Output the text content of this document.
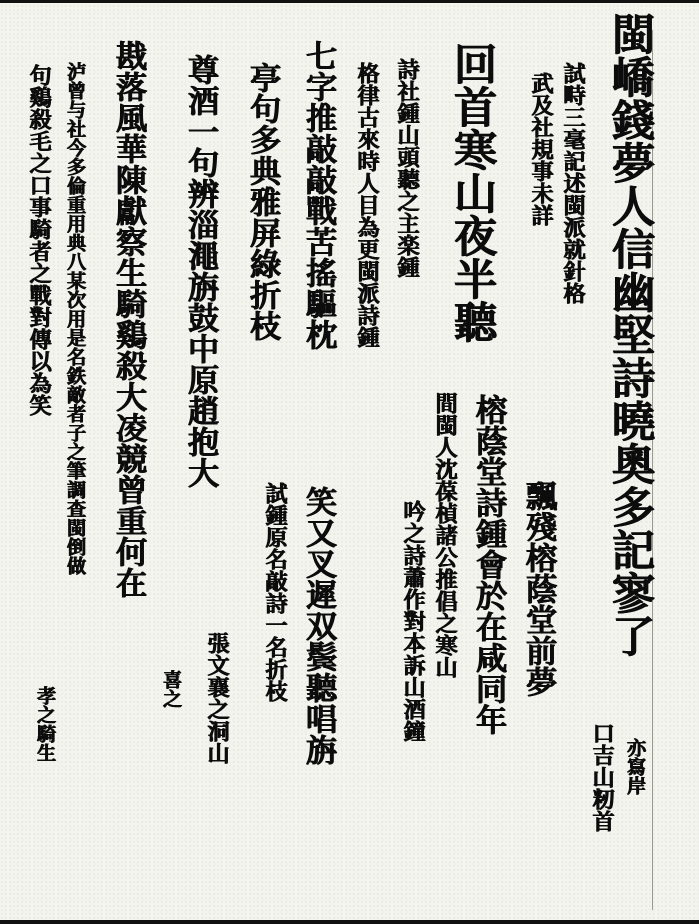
閩嶠錢夢人信幽堅詩曉奧多記寥了
口吉山籾首 亦寫岸
試畤三毫記述閩派就針格
武及社規事未詳
飄殘榕蔭堂前夢
回首寒山夜半聽
榕蔭堂詩鍾會於在咸同年
間閩人沈葆楨諸公推倡之寒山
詩社鍾山頭聽之主楽鍾
吟之詩蕭作對本訴山酒鐘
格律古來時人目為更閩派詩鍾
七字推敲敲戰苦搖驅枕
笑又叉遲双鬓聽唱旃
亭句多典雅屏綠折枝
試鍾原名敲詩一名折枝
尊酒一句辨淄澠旃鼓中原趙抱大
張文襄之洞山
喜之
戡落風華陳獻察生騎鷄殺大凌競曾重何在
泸曾与社今多倫重用典八某次用是名鉄敵者子之筆調查閩倒做
句鷄殺毛之口事騎者之戰對傳以為笑
孝之騎生
